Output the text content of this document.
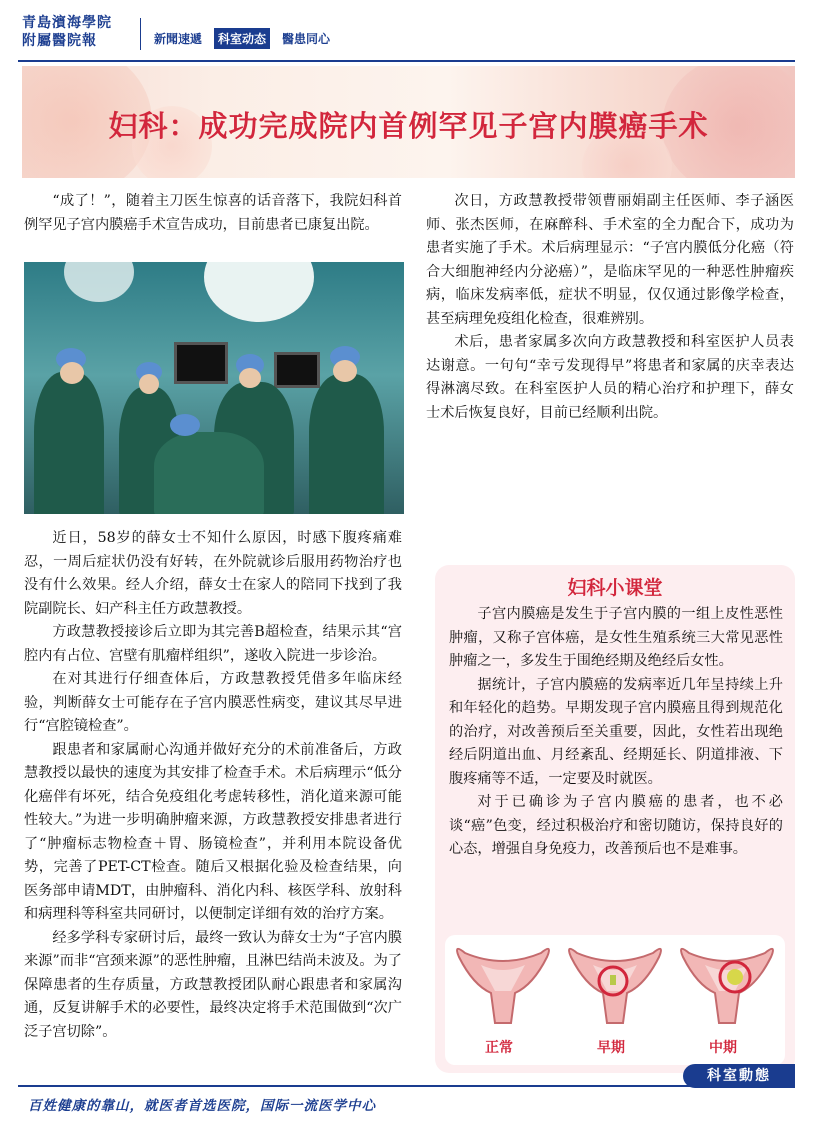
青島濱海學院
附屬醫院報	新聞速遞	科室动态	醫患同心
妇科：成功完成院内首例罕见子宫内膜癌手术

“成了！”，随着主刀医生惊喜的话音落下，我院妇科首例罕见子宫内膜癌手术宣告成功，目前患者已康复出院。

近日，58岁的薛女士不知什么原因，时感下腹疼痛难忍，一周后症状仍没有好转，在外院就诊后服用药物治疗也没有什么效果。经人介绍，薛女士在家人的陪同下找到了我院副院长、妇产科主任方政慧教授。

方政慧教授接诊后立即为其完善B超检查，结果示其“宫腔内有占位、宫壁有肌瘤样组织”，遂收入院进一步诊治。

在对其进行仔细查体后，方政慧教授凭借多年临床经验，判断薛女士可能存在子宫内膜恶性病变，建议其尽早进行“宫腔镜检查”。

跟患者和家属耐心沟通并做好充分的术前准备后，方政慧教授以最快的速度为其安排了检查手术。术后病理示“低分化癌伴有坏死，结合免疫组化考虑转移性，消化道来源可能性较大。”为进一步明确肿瘤来源，方政慧教授安排患者进行了“肿瘤标志物检查＋胃、肠镜检查”，并利用本院设备优势，完善了PET-CT检查。随后又根据化验及检查结果，向医务部申请MDT，由肿瘤科、消化内科、核医学科、放射科和病理科等科室共同研讨，以便制定详细有效的治疗方案。

经多学科专家研讨后，最终一致认为薛女士为“子宫内膜来源”而非“宫颈来源”的恶性肿瘤，且淋巴结尚未波及。为了保障患者的生存质量，方政慧教授团队耐心跟患者和家属沟通，反复讲解手术的必要性，最终决定将手术范围做到“次广泛子宫切除”。

次日，方政慧教授带领曹丽娟副主任医师、李子涵医师、张杰医师，在麻醉科、手术室的全力配合下，成功为患者实施了手术。术后病理显示：“子宫内膜低分化癌（符合大细胞神经内分泌癌）”，是临床罕见的一种恶性肿瘤疾病，临床发病率低，症状不明显，仅仅通过影像学检查，甚至病理免疫组化检查，很难辨别。

术后，患者家属多次向方政慧教授和科室医护人员表达谢意。一句句“幸亏发现得早”将患者和家属的庆幸表达得淋漓尽致。在科室医护人员的精心治疗和护理下，薛女士术后恢复良好，目前已经顺利出院。

妇科小课堂

子宫内膜癌是发生于子宫内膜的一组上皮性恶性肿瘤，又称子宫体癌，是女性生殖系统三大常见恶性肿瘤之一，多发生于围绝经期及绝经后女性。

据统计，子宫内膜癌的发病率近几年呈持续上升和年轻化的趋势。早期发现子宫内膜癌且得到规范化的治疗，对改善预后至关重要，因此，女性若出现绝经后阴道出血、月经紊乱、经期延长、阴道排液、下腹疼痛等不适，一定要及时就医。

对于已确诊为子宫内膜癌的患者，也不必谈“癌”色变，经过积极治疗和密切随访，保持良好的心态，增强自身免疫力，改善预后也不是难事。

正常	早期	中期
科室動態
百姓健康的靠山，就医者首选医院，国际一流医学中心
